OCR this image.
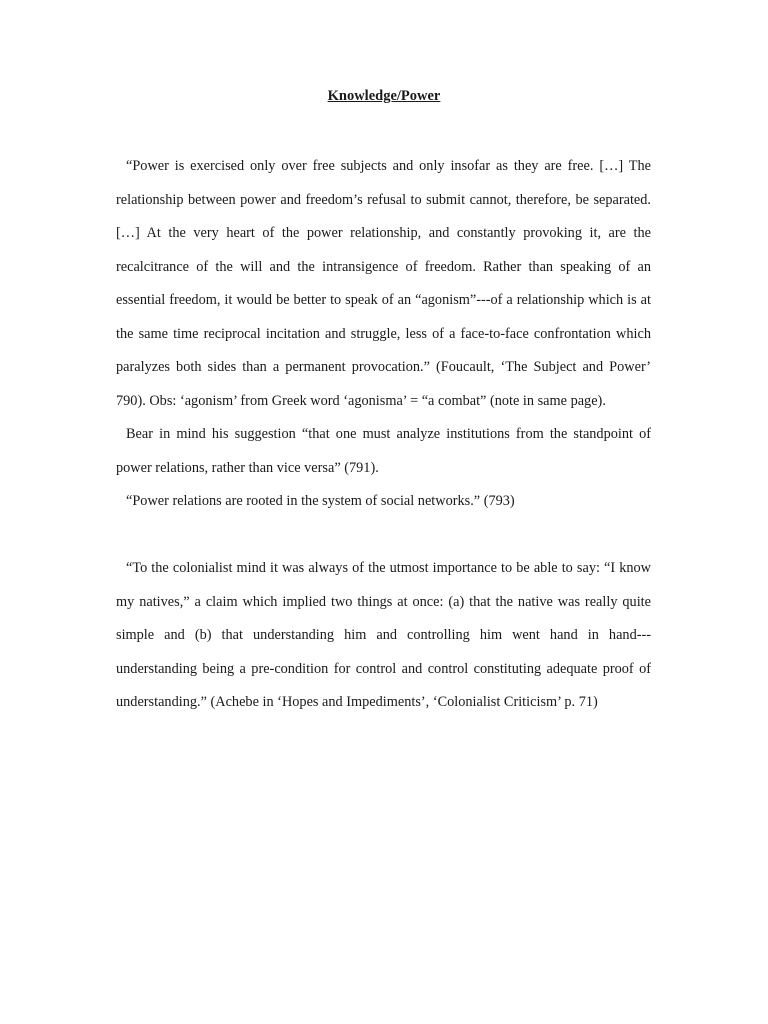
Knowledge/Power

“Power is exercised only over free subjects and only insofar as they are free. […] The relationship between power and freedom’s refusal to submit cannot, therefore, be separated. […] At the very heart of the power relationship, and constantly provoking it, are the recalcitrance of the will and the intransigence of freedom. Rather than speaking of an essential freedom, it would be better to speak of an “agonism”---of a relationship which is at the same time reciprocal incitation and struggle, less of a face-to-face confrontation which paralyzes both sides than a permanent provocation.” (Foucault, ‘The Subject and Power’ 790). Obs: ‘agonism’ from Greek word ‘agonisma’ = “a combat” (note in same page).

Bear in mind his suggestion “that one must analyze institutions from the standpoint of power relations, rather than vice versa” (791).

“Power relations are rooted in the system of social networks.” (793)

“To the colonialist mind it was always of the utmost importance to be able to say: “I know my natives,” a claim which implied two things at once: (a) that the native was really quite simple and (b) that understanding him and controlling him went hand in hand---understanding being a pre-condition for control and control constituting adequate proof of understanding.” (Achebe in ‘Hopes and Impediments’, ‘Colonialist Criticism’ p. 71)
